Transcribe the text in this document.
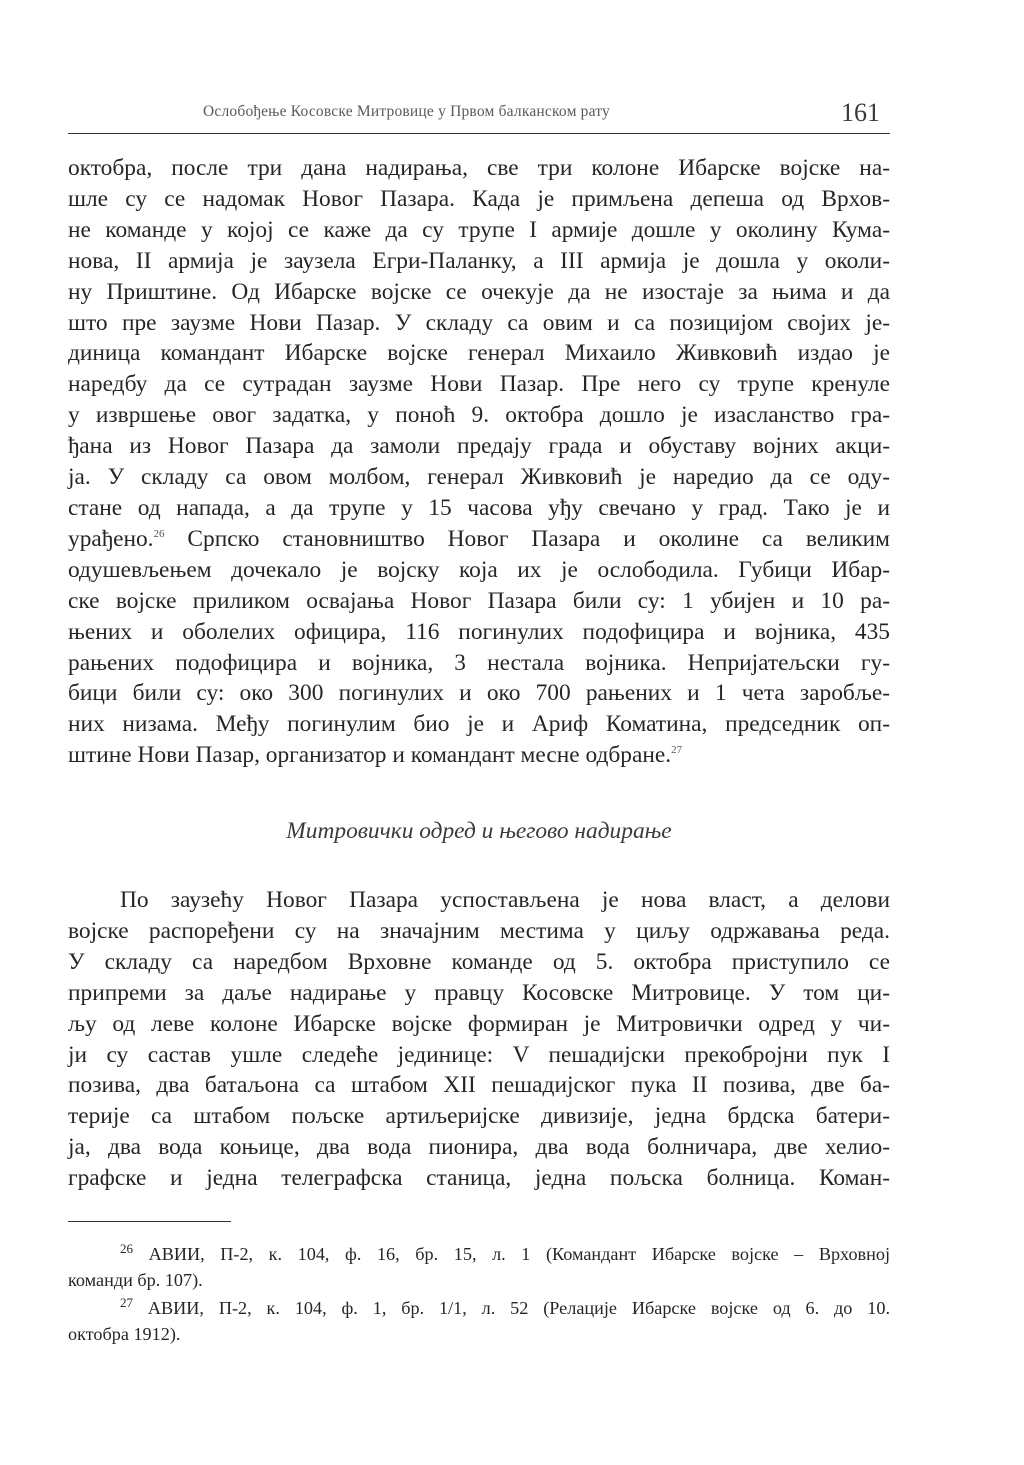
Ослобођење Косовске Митровице у Првом балканском рату	161
октобра, после три дана надирања, све три колоне Ибарске војске на-
шле су се надомак Новог Пазара. Када је примљена депеша од Врхов-
не команде у којој се каже да су трупе I армије дошле у околину Кума-
нова, II армија је заузела Егри-Паланку, а III армија је дошла у околи-
ну Приштине. Од Ибарске војске се очекује да не изостаје за њима и да
што пре заузме Нови Пазар. У складу са овим и са позицијом својих је-
диница командант Ибарске војске генерал Михаило Живковић издао је
наредбу да се сутрадан заузме Нови Пазар. Пре него су трупе кренуле
у извршење овог задатка, у поноћ 9. октобра дошло је изасланство гра-
ђана из Новог Пазара да замоли предају града и обуставу војних акци-
ја. У складу са овом молбом, генерал Живковић је наредио да се оду-
стане од напада, а да трупе у 15 часова уђу свечано у град. Тако је и
урађено.$^{26}$ Српско становништво Новог Пазара и околине са великим
одушевљењем дочекало је војску која их је ослободила. Губици Ибар-
ске војске приликом освајања Новог Пазара били су: 1 убијен и 10 ра-
њених и оболелих официра, 116 погинулих подофицира и војника, 435
рањених подофицира и војника, 3 нестала војника. Непријатељски гу-
бици били су: око 300 погинулих и око 700 рањених и 1 чета заробље-
них низама. Међу погинулим био је и Ариф Коматина, председник оп-
штине Нови Пазар, организатор и командант месне одбране.$^{27}$
Митровички одред и његово надирање
По заузећу Новог Пазара успостављена је нова власт, а делови
војске распоређени су на значајним местима у циљу одржавања реда.
У складу са наредбом Врховне команде од 5. октобра приступило се
припреми за даље надирање у правцу Косовске Митровице. У том ци-
љу од леве колоне Ибарске војске формиран је Митровички одред у чи-
ји су састав ушле следеће јединице: V пешадијски прекобројни пук I
позива, два батаљона са штабом XII пешадијског пука II позива, две ба-
терије са штабом пољске артиљеријске дивизије, једна брдска батери-
ја, два вода коњице, два вода пионира, два вода болничара, две хелио-
графске и једна телеграфска станица, једна пољска болница. Коман-

$^{26}$ АВИИ, П-2, к. 104, ф. 16, бр. 15, л. 1 (Командант Ибарске војске – Врховној
команди бр. 107).

$^{27}$ АВИИ, П-2, к. 104, ф. 1, бр. 1/1, л. 52 (Релације Ибарске војске од 6. до 10.
октобра 1912).
